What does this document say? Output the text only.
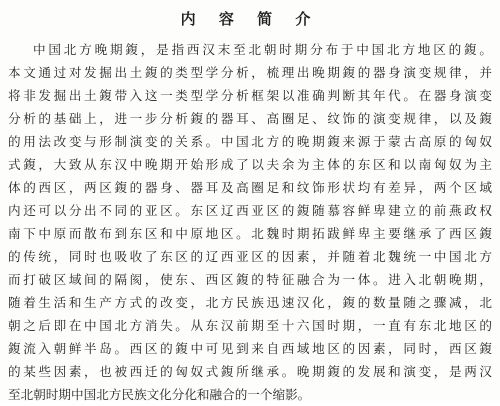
内 容 简 介
中国北方晚期鍑，是指西汉末至北朝时期分布于中国北方地区的鍑。
本文通过对发掘出土鍑的类型学分析，梳理出晚期鍑的器身演变规律，并
将非发掘出土鍑带入这一类型学分析框架以准确判断其年代。在器身演变
分析的基础上，进一步分析鍑的器耳、高圈足、纹饰的演变规律，以及鍑
的用法改变与形制演变的关系。中国北方的晚期鍑来源于蒙古高原的匈奴
式鍑，大致从东汉中晚期开始形成了以夫余为主体的东区和以南匈奴为主
体的西区，两区鍑的器身、器耳及高圈足和纹饰形状均有差异，两个区域
内还可以分出不同的亚区。东区辽西亚区的鍑随慕容鲜卑建立的前燕政权
南下中原而散布到东区和中原地区。北魏时期拓跋鲜卑主要继承了西区鍑
的传统，同时也吸收了东区的辽西亚区的因素，并随着北魏统一中国北方
而打破区域间的隔阂，使东、西区鍑的特征融合为一体。进入北朝晚期，
随着生活和生产方式的改变，北方民族迅速汉化，鍑的数量随之骤减，北
朝之后即在中国北方消失。从东汉前期至十六国时期，一直有东北地区的
鍑流入朝鲜半岛。西区的鍑中可见到来自西域地区的因素，同时，西区鍑
的某些因素，也被西迁的匈奴式鍑所继承。晚期鍑的发展和演变，是两汉
至北朝时期中国北方民族文化分化和融合的一个缩影。
